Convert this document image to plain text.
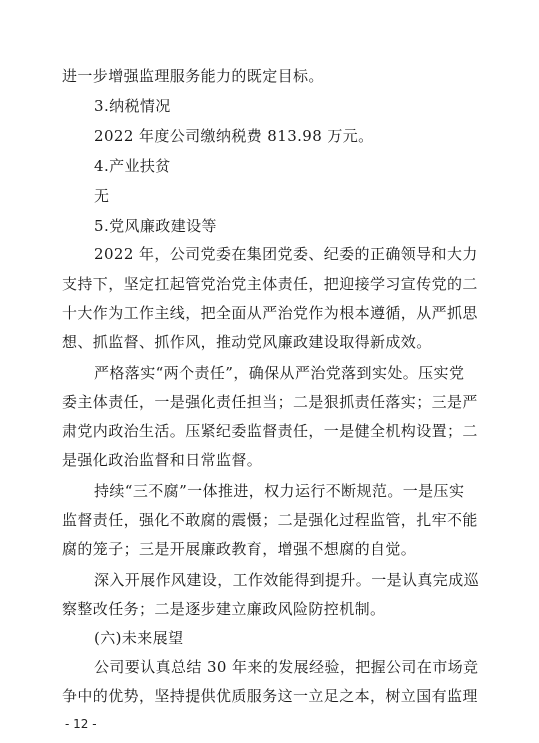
进一步增强监理服务能力的既定目标。
3.纳税情况
2022 年度公司缴纳税费 813.98 万元。
4.产业扶贫
无
5.党风廉政建设等
2022 年，公司党委在集团党委、纪委的正确领导和大力
支持下，坚定扛起管党治党主体责任，把迎接学习宣传党的二
十大作为工作主线，把全面从严治党作为根本遵循，从严抓思
想、抓监督、抓作风，推动党风廉政建设取得新成效。
严格落实“两个责任”，确保从严治党落到实处。压实党
委主体责任，一是强化责任担当；二是狠抓责任落实；三是严
肃党内政治生活。压紧纪委监督责任，一是健全机构设置；二
是强化政治监督和日常监督。
持续“三不腐”一体推进，权力运行不断规范。一是压实
监督责任，强化不敢腐的震慑；二是强化过程监管，扎牢不能
腐的笼子；三是开展廉政教育，增强不想腐的自觉。
深入开展作风建设，工作效能得到提升。一是认真完成巡
察整改任务；二是逐步建立廉政风险防控机制。
(六)未来展望
公司要认真总结 30 年来的发展经验，把握公司在市场竞
争中的优势，坚持提供优质服务这一立足之本，树立国有监理
- 12 -
